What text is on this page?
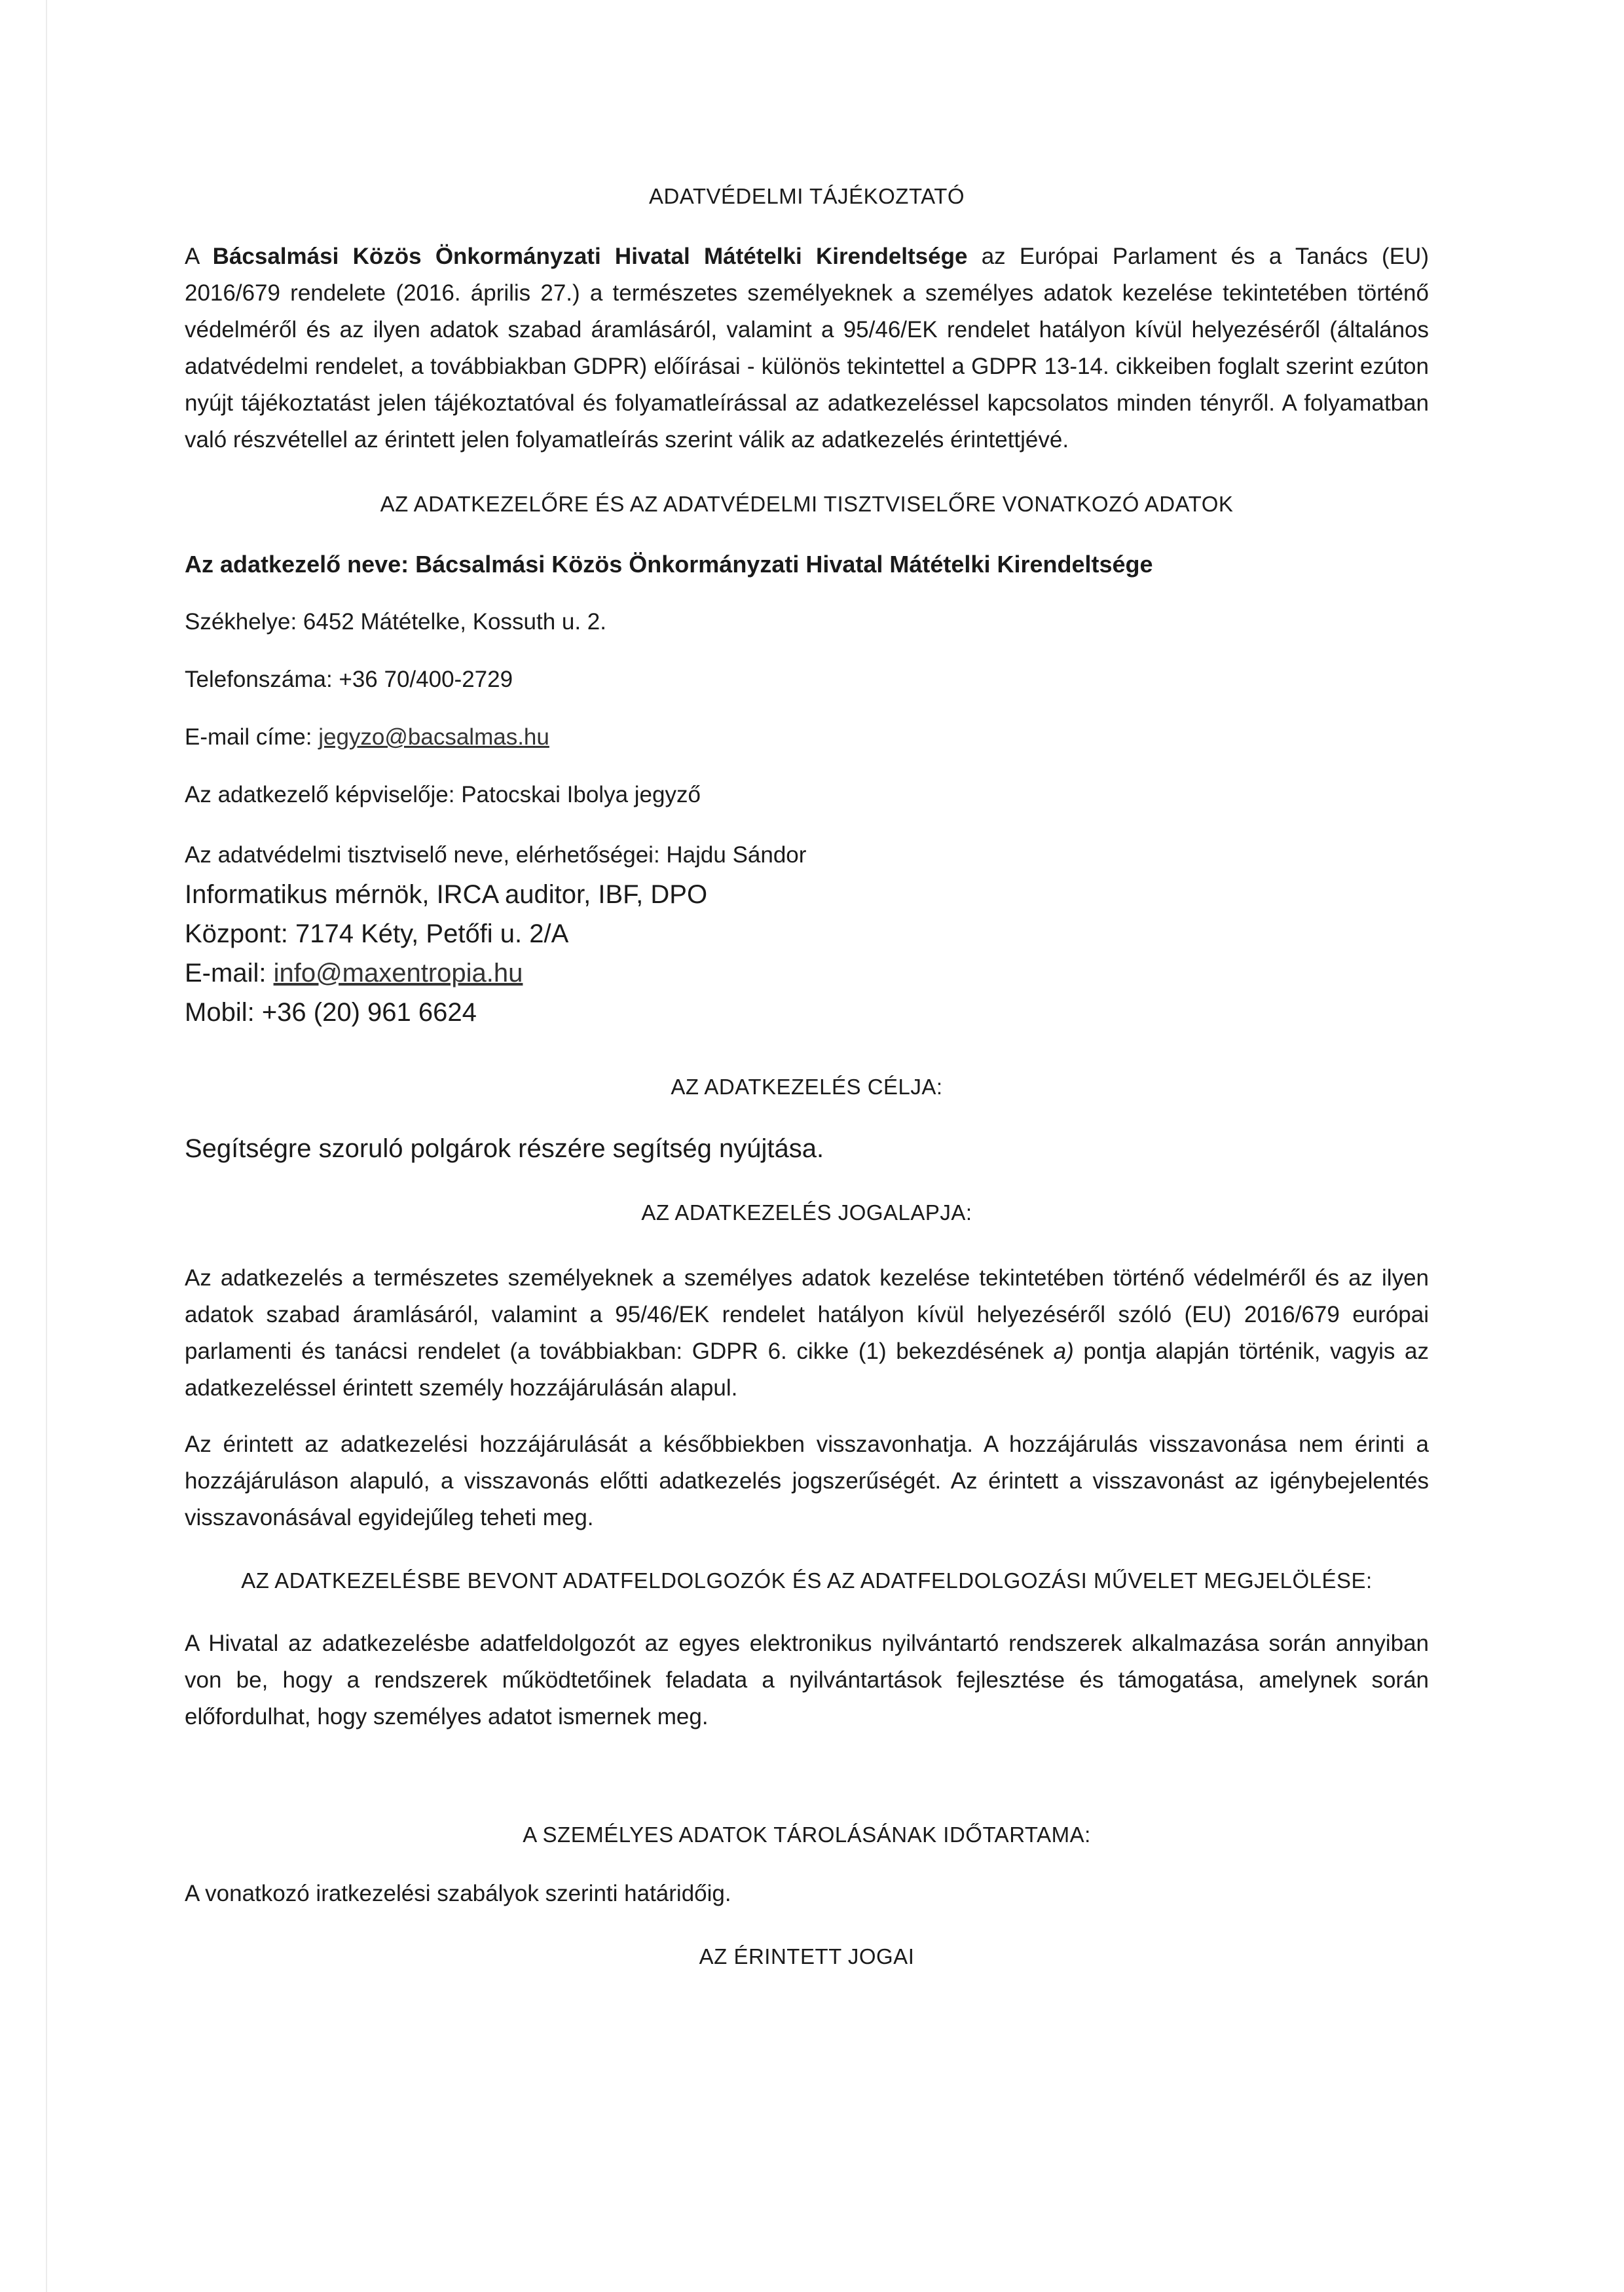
ADATVÉDELMI TÁJÉKOZTATÓ

A Bácsalmási Közös Önkormányzati Hivatal Mátételki Kirendeltsége az Európai Parlament és a Tanács (EU) 2016/679 rendelete (2016. április 27.) a természetes személyeknek a személyes adatok kezelése tekintetében történő védelméről és az ilyen adatok szabad áramlásáról, valamint a 95/46/EK rendelet hatályon kívül helyezéséről (általános adatvédelmi rendelet, a továbbiakban GDPR) előírásai - különös tekintettel a GDPR 13-14. cikkeiben foglalt szerint ezúton nyújt tájékoztatást jelen tájékoztatóval és folyamatleírással az adatkezeléssel kapcsolatos minden tényről. A folyamatban való részvétellel az érintett jelen folyamatleírás szerint válik az adatkezelés érintettjévé.

AZ ADATKEZELŐRE ÉS AZ ADATVÉDELMI TISZTVISELŐRE VONATKOZÓ ADATOK

Az adatkezelő neve: Bácsalmási Közös Önkormányzati Hivatal Mátételki Kirendeltsége

Székhelye: 6452 Mátételke, Kossuth u. 2.

Telefonszáma: +36 70/400-2729

E-mail címe: jegyzo@bacsalmas.hu

Az adatkezelő képviselője: Patocskai Ibolya jegyző

Az adatvédelmi tisztviselő neve, elérhetőségei: Hajdu Sándor

Informatikus mérnök, IRCA auditor, IBF, DPO

Központ: 7174 Kéty, Petőfi u. 2/A

E-mail: info@maxentropia.hu

Mobil: +36 (20) 961 6624

AZ ADATKEZELÉS CÉLJA:

Segítségre szoruló polgárok részére segítség nyújtása.

AZ ADATKEZELÉS JOGALAPJA:

Az adatkezelés a természetes személyeknek a személyes adatok kezelése tekintetében történő védelméről és az ilyen adatok szabad áramlásáról, valamint a 95/46/EK rendelet hatályon kívül helyezéséről szóló (EU) 2016/679 európai parlamenti és tanácsi rendelet (a továbbiakban: GDPR 6. cikke (1) bekezdésének a) pontja alapján történik, vagyis az adatkezeléssel érintett személy hozzájárulásán alapul.

Az érintett az adatkezelési hozzájárulását a későbbiekben visszavonhatja. A hozzájárulás visszavonása nem érinti a hozzájáruláson alapuló, a visszavonás előtti adatkezelés jogszerűségét. Az érintett a visszavonást az igénybejelentés visszavonásával egyidejűleg teheti meg.

AZ ADATKEZELÉSBE BEVONT ADATFELDOLGOZÓK ÉS AZ ADATFELDOLGOZÁSI MŰVELET MEGJELÖLÉSE:

A Hivatal az adatkezelésbe adatfeldolgozót az egyes elektronikus nyilvántartó rendszerek alkalmazása során annyiban von be, hogy a rendszerek működtetőinek feladata a nyilvántartások fejlesztése és támogatása, amelynek során előfordulhat, hogy személyes adatot ismernek meg.

A SZEMÉLYES ADATOK TÁROLÁSÁNAK IDŐTARTAMA:

A vonatkozó iratkezelési szabályok szerinti határidőig.

AZ ÉRINTETT JOGAI
